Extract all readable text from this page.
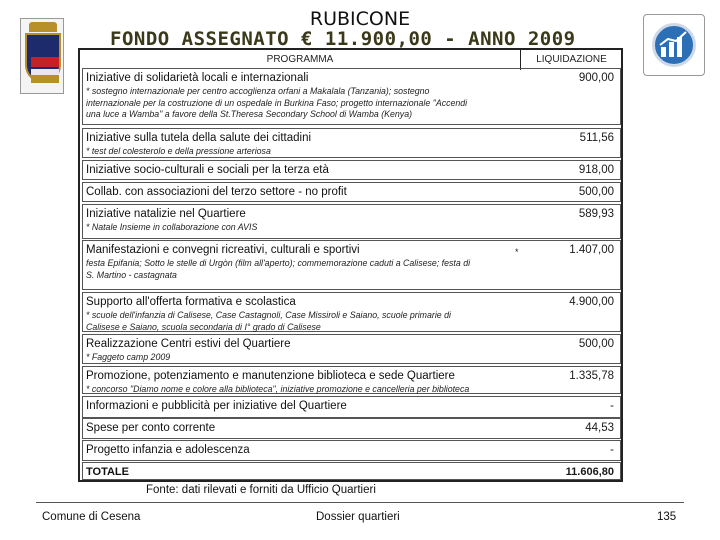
RUBICONE
FONDO ASSEGNATO € 11.900,00 - ANNO 2009
PROGRAMMA	LIQUIDAZIONE
Iniziative di solidarietà locali e internazionali	900,00
* sostegno internazionale per centro accoglienza orfani a Makalala (Tanzania); sostegno
internazionale per la costruzione di un ospedale in Burkina Faso; progetto internazionale "Accendi
una luce a Wamba" a favore della St.Theresa Secondary School di Wamba (Kenya)
Iniziative sulla tutela della salute dei cittadini	511,56
* test del colesterolo e della pressione arteriosa
Iniziative socio-culturali e sociali per la terza età	918,00
Collab. con associazioni del terzo settore - no profit	500,00
Iniziative natalizie nel Quartiere	589,93
* Natale Insieme in collaborazione con AVIS
Manifestazioni e convegni ricreativi, culturali e sportivi	*	1.407,00
festa Epifania; Sotto le stelle di Urgòn (film all'aperto); commemorazione caduti a Calisese; festa di
S. Martino - castagnata
Supporto all'offerta formativa e scolastica	4.900,00
* scuole dell'infanzia di Calisese, Case Castagnoli, Case Missiroli e Saiano, scuole primarie di
Calisese e Saiano, scuola secondaria di I° grado di Calisese
Realizzazione Centri estivi del Quartiere	500,00
* Faggeto camp 2009
Promozione, potenziamento e manutenzione biblioteca e sede Quartiere	1.335,78
* concorso "Diamo nome e colore alla biblioteca", iniziative promozione e cancelleria per biblioteca
Informazioni e pubblicità per iniziative del Quartiere	-
Spese per conto corrente	44,53
Progetto infanzia e adolescenza	-
TOTALE	11.606,80
Fonte: dati rilevati e forniti da Ufficio Quartieri
Comune di Cesena	Dossier quartieri	135
